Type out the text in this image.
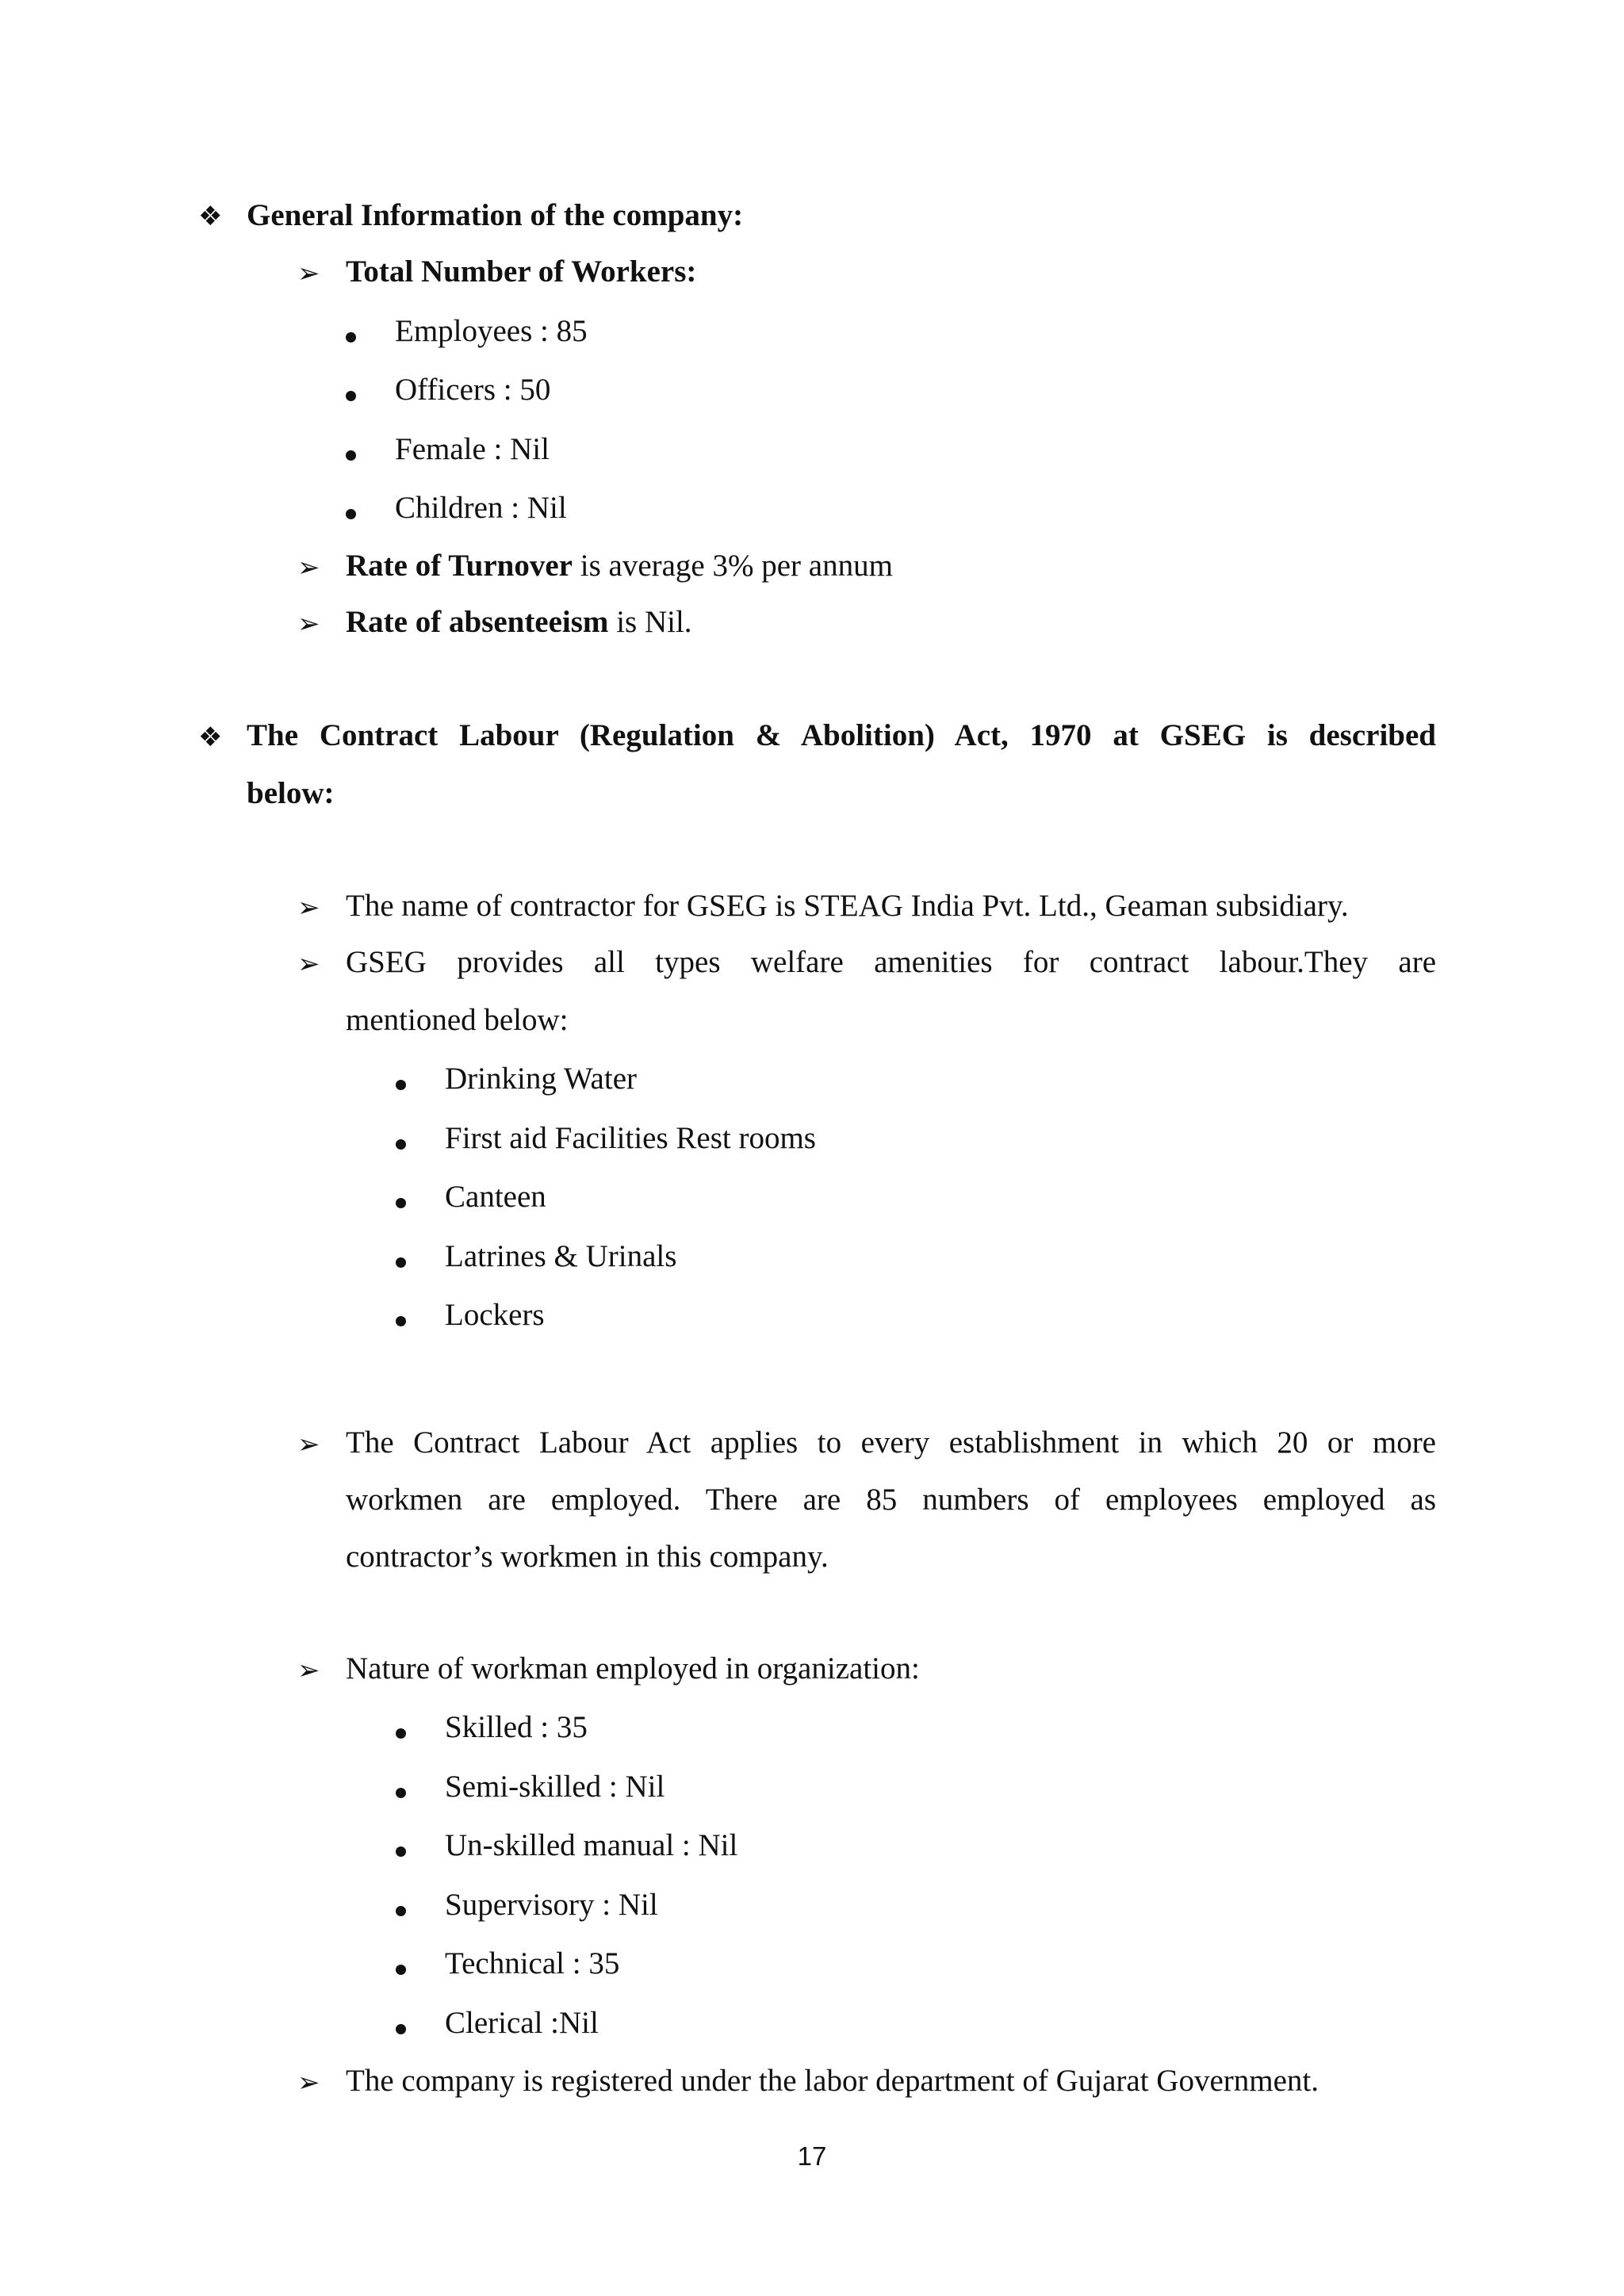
❖ General Information of the company:
➢ Total Number of Workers:
Employees : 85
Officers : 50
Female : Nil
Children : Nil
➢ Rate of Turnover is average 3% per annum
➢ Rate of absenteeism is Nil.
❖ The Contract Labour (Regulation & Abolition) Act, 1970 at GSEG is described
below:
➢ The name of contractor for GSEG is STEAG India Pvt. Ltd., Geaman subsidiary.
➢ GSEG provides all types welfare amenities for contract labour.They are
mentioned below:
Drinking Water
First aid Facilities Rest rooms
Canteen
Latrines & Urinals
Lockers
➢ The Contract Labour Act applies to every establishment in which 20 or more
workmen are employed. There are 85 numbers of employees employed as
contractor’s workmen in this company.
➢ Nature of workman employed in organization:
Skilled : 35
Semi-skilled : Nil
Un-skilled manual : Nil
Supervisory : Nil
Technical : 35
Clerical :Nil
➢ The company is registered under the labor department of Gujarat Government.
17
